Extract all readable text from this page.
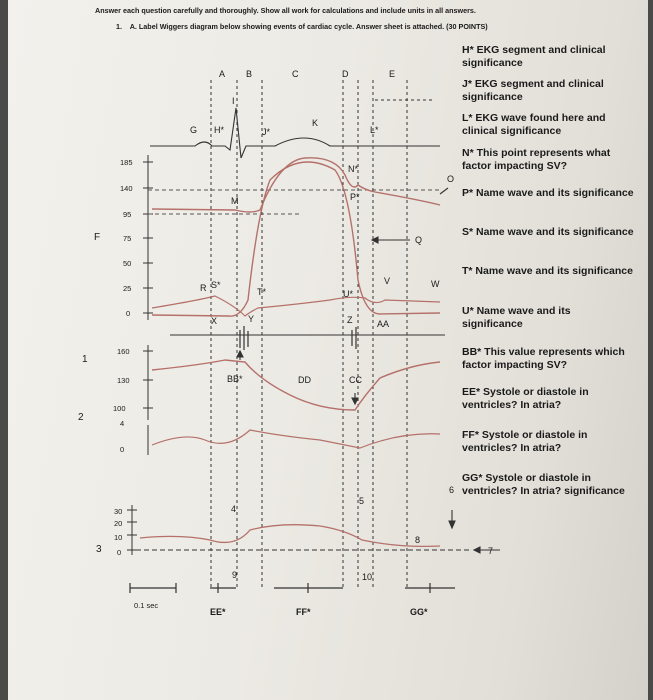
Answer each question carefully and thoroughly. Show all work for calculations and include units in all answers.
1. A. Label Wiggers diagram below showing events of cardiac cycle. Answer sheet is attached. (30 POINTS)
A B	C	D	E
G H*
I
J*
K
L*
185
140
95
75
50
25
0
F
M
N*
P*
O
Q
R S*
T*	U*
V	W
X	Y	Z	AA
160
130
100
BB*	DD	CC
4
0
30
20
10
0
4
5
6
8
9	10
7
1
2
3
0.1 sec
EE*	FF*	GG*
H* EKG segment and clinical significance
J* EKG segment and clinical significance
L* EKG wave found here and clinical significance
N* This point represents what factor impacting SV?
P* Name wave and its significance
S* Name wave and its significance
T* Name wave and its significance
U* Name wave and its significance
BB* This value represents which factor impacting SV?
EE* Systole or diastole in ventricles? In atria?
FF* Systole or diastole in ventricles? In atria?
GG* Systole or diastole in ventricles? In atria? significance
